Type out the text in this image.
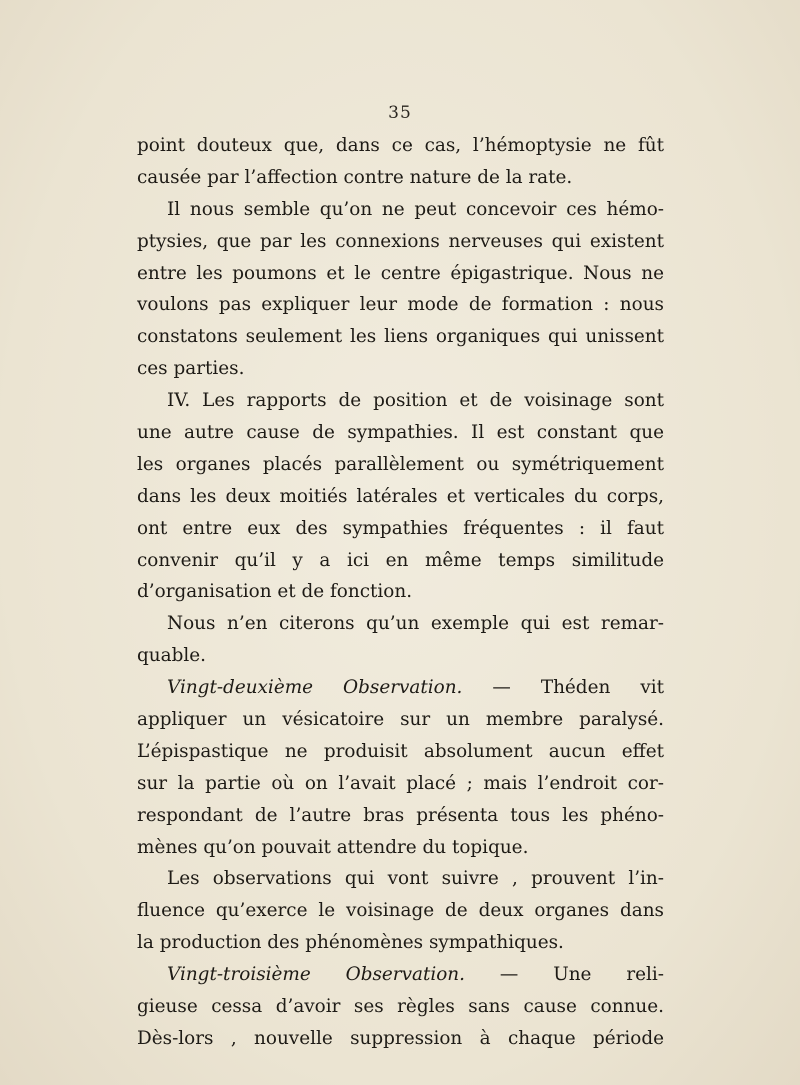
35
point douteux que, dans ce cas, l’hémoptysie ne fût
causée par l’affection contre nature de la rate.
Il nous semble qu’on ne peut concevoir ces hémo-
ptysies, que par les connexions nerveuses qui existent
entre les poumons et le centre épigastrique. Nous ne
voulons pas expliquer leur mode de formation : nous
constatons seulement les liens organiques qui unissent
ces parties.
IV. Les rapports de position et de voisinage sont
une autre cause de sympathies. Il est constant que
les organes placés parallèlement ou symétriquement
dans les deux moitiés latérales et verticales du corps,
ont entre eux des sympathies fréquentes : il faut
convenir qu’il y a ici en même temps similitude
d’organisation et de fonction.
Nous n’en citerons qu’un exemple qui est remar-
quable.
Vingt-deuxième Observation. — Théden vit
appliquer un vésicatoire sur un membre paralysé.
L’épispastique ne produisit absolument aucun effet
sur la partie où on l’avait placé ; mais l’endroit cor-
respondant de l’autre bras présenta tous les phéno-
mènes qu’on pouvait attendre du topique.
Les observations qui vont suivre , prouvent l’in-
fluence qu’exerce le voisinage de deux organes dans
la production des phénomènes sympathiques.
Vingt-troisième Observation. — Une reli-
gieuse cessa d’avoir ses règles sans cause connue.
Dès-lors , nouvelle suppression à chaque période
